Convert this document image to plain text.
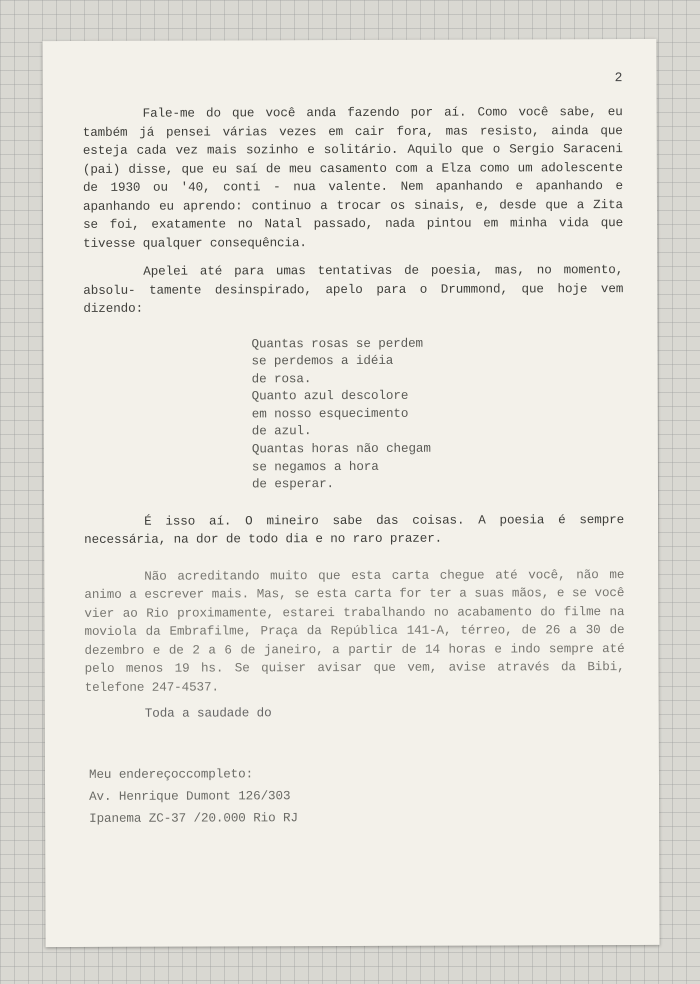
2

Fale-me do que você anda fazendo por aí. Como você sabe, eu também já pensei várias vezes em cair fora, mas resisto, ainda que esteja cada vez mais sozinho e solitário. Aquilo que o Sergio Saraceni (pai) disse, que eu saí de meu casamento com a Elza como um adolescente de 1930 ou '40, conti - nua valente. Nem apanhando e apanhando e apanhando eu aprendo: continuo a trocar os sinais, e, desde que a Zita se foi, exatamente no Natal passado, nada pintou em minha vida que tivesse qualquer consequência.

Apelei até para umas tentativas de poesia, mas, no momento, absolu- tamente desinspirado, apelo para o Drummond, que hoje vem dizendo:

Quantas rosas se perdem
se perdemos a idéia
de rosa.
Quanto azul descolore
em nosso esquecimento
de azul.
Quantas horas não chegam
se negamos a hora
de esperar.

É isso aí. O mineiro sabe das coisas. A poesia é sempre necessária, na dor de todo dia e no raro prazer.

Não acreditando muito que esta carta chegue até você, não me animo a escrever mais. Mas, se esta carta for ter a suas mãos, e se você vier ao Rio proximamente, estarei trabalhando no acabamento do filme na moviola da Embrafilme, Praça da República 141-A, térreo, de 26 a 30 de dezembro e de 2 a 6 de janeiro, a partir de 14 horas e indo sempre até pelo menos 19 hs. Se quiser avisar que vem, avise através da Bibi, telefone 247-4537.

Toda a saudade do
Meu endereçoccompleto:
Av. Henrique Dumont 126/303
Ipanema ZC-37 /20.000 Rio RJ
